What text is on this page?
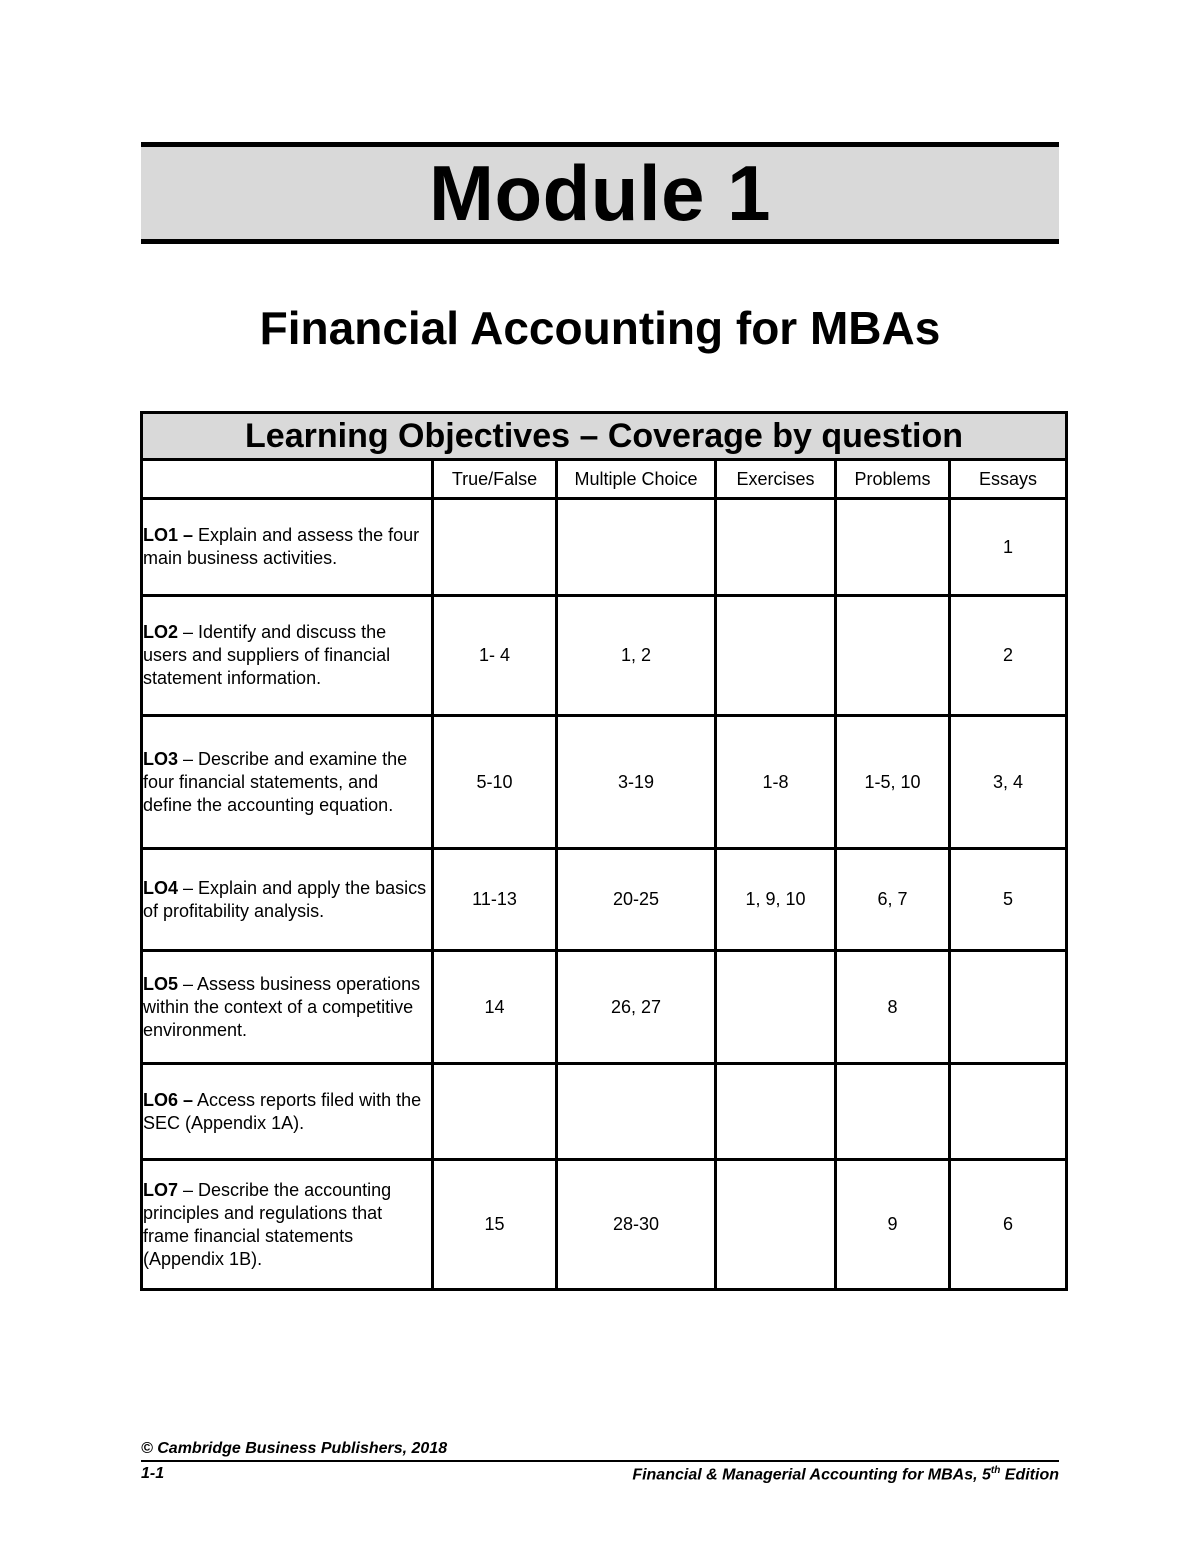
Module 1
Financial Accounting for MBAs
Learning Objectives – Coverage by question					
	True/False	Multiple Choice	Exercises	Problems	Essays
LO1 – Explain and assess the four main business activities.					1
LO2 – Identify and discuss the users and suppliers of financial statement information.	1- 4	1, 2			2
LO3 – Describe and examine the four financial statements, and define the accounting equation.	5-10	3-19	1-8	1-5, 10	3, 4
LO4 – Explain and apply the basics of profitability analysis.	11-13	20-25	1, 9, 10	6, 7	5
LO5 – Assess business operations within the context of a competitive environment.	14	26, 27		8	
LO6 – Access reports filed with the SEC (Appendix 1A).					
LO7 – Describe the accounting principles and regulations that frame financial statements (Appendix 1B).	15	28-30		9	6
© Cambridge Business Publishers, 2018
1-1	Financial & Managerial Accounting for MBAs, 5th Edition
